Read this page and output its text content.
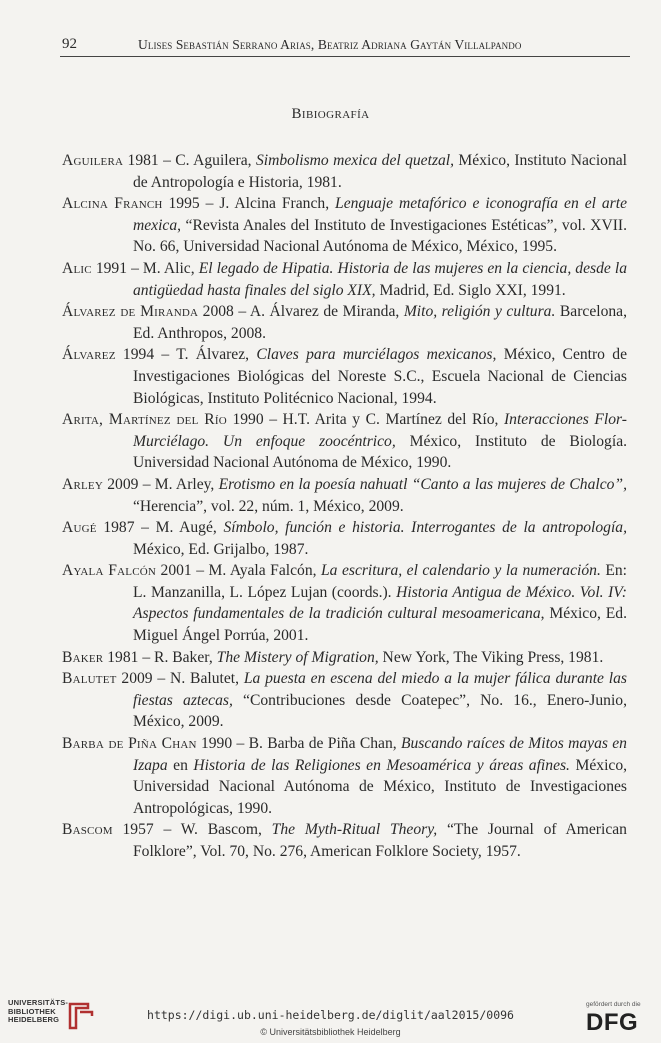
92	Ulises Sebastián Serrano Arias, Beatriz Adriana Gaytán Villalpando
Bibiografía

Aguilera 1981 – C. Aguilera, Simbolismo mexica del quetzal, México, Instituto Nacional de Antropología e Historia, 1981.

Alcina Franch 1995 – J. Alcina Franch, Lenguaje metafórico e iconografía en el arte mexica, “Revista Anales del Instituto de Investigaciones Estéticas”, vol. XVII. No. 66, Universidad Nacional Autónoma de México, México, 1995.

Alic 1991 – M. Alic, El legado de Hipatia. Historia de las mujeres en la ciencia, desde la antigüedad hasta finales del siglo XIX, Madrid, Ed. Siglo XXI, 1991.

Álvarez de Miranda 2008 – A. Álvarez de Miranda, Mito, religión y cultura. Barcelona, Ed. Anthropos, 2008.

Álvarez 1994 – T. Álvarez, Claves para murciélagos mexicanos, México, Centro de Investigaciones Biológicas del Noreste S.C., Escuela Nacional de Ciencias Biológicas, Instituto Politécnico Nacional, 1994.

Arita, Martínez del Río 1990 – H.T. Arita y C. Martínez del Río, Interacciones Flor-Murciélago. Un enfoque zoocéntrico, México, Instituto de Biología. Universidad Nacional Autónoma de México, 1990.

Arley 2009 – M. Arley, Erotismo en la poesía nahuatl “Canto a las mujeres de Chalco”, “Herencia”, vol. 22, núm. 1, México, 2009.

Augé 1987 – M. Augé, Símbolo, función e historia. Interrogantes de la antropología, México, Ed. Grijalbo, 1987.

Ayala Falcón 2001 – M. Ayala Falcón, La escritura, el calendario y la numeración. En: L. Manzanilla, L. López Lujan (coords.). Historia Antigua de México. Vol. IV: Aspectos fundamentales de la tradición cultural mesoamericana, México, Ed. Miguel Ángel Porrúa, 2001.

Baker 1981 – R. Baker, The Mistery of Migration, New York, The Viking Press, 1981.

Balutet 2009 – N. Balutet, La puesta en escena del miedo a la mujer fálica durante las fiestas aztecas, “Contribuciones desde Coatepec”, No. 16., Enero-Junio, México, 2009.

Barba de Piña Chan 1990 – B. Barba de Piña Chan, Buscando raíces de Mitos mayas en Izapa en Historia de las Religiones en Mesoamérica y áreas afines. México, Universidad Nacional Autónoma de México, Instituto de Investigaciones Antropológicas, 1990.

Bascom 1957 – W. Bascom, The Myth-Ritual Theory, “The Journal of American Folklore”, Vol. 70, No. 276, American Folklore Society, 1957.

UNIVERSITÄTS-
BIBLIOTHEK
HEIDELBERG	https://digi.ub.uni-heidelberg.de/diglit/aal2015/0096
© Universitätsbibliothek Heidelberg
gefördert durch die
DFG
